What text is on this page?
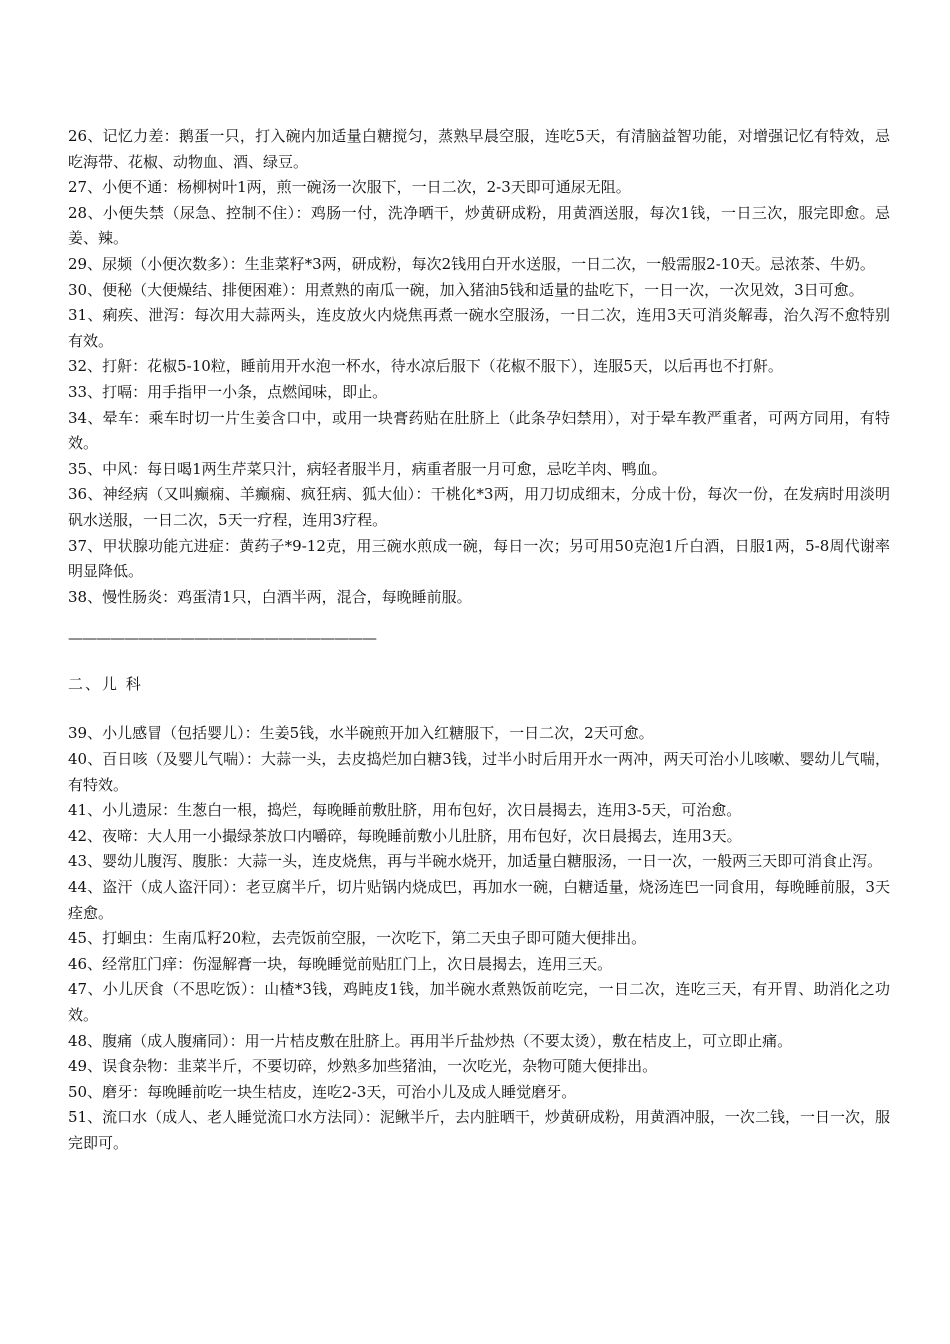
26、记忆力差：鹅蛋一只，打入碗内加适量白糖搅匀，蒸熟早晨空服，连吃5天，有清脑益智功能，对增强记忆有特效，忌吃海带、花椒、动物血、酒、绿豆。

27、小便不通：杨柳树叶1两，煎一碗汤一次服下，一日二次，2-3天即可通尿无阻。

28、小便失禁（尿急、控制不住）：鸡肠一付，洗净晒干，炒黄研成粉，用黄酒送服，每次1钱，一日三次，服完即愈。忌姜、辣。

29、尿频（小便次数多）：生韭菜籽*3两，研成粉，每次2钱用白开水送服，一日二次，一般需服2-10天。忌浓茶、牛奶。

30、便秘（大便燥结、排便困难）：用煮熟的南瓜一碗，加入猪油5钱和适量的盐吃下，一日一次，一次见效，3日可愈。

31、痢疾、泄泻：每次用大蒜两头，连皮放火内烧焦再煮一碗水空服汤，一日二次，连用3天可消炎解毒，治久泻不愈特别有效。

32、打鼾：花椒5-10粒，睡前用开水泡一杯水，待水凉后服下（花椒不服下），连服5天，以后再也不打鼾。

33、打嗝：用手指甲一小条，点燃闻味，即止。

34、晕车：乘车时切一片生姜含口中，或用一块膏药贴在肚脐上（此条孕妇禁用），对于晕车教严重者，可两方同用，有特效。

35、中风：每日喝1两生芹菜只汁，病轻者服半月，病重者服一月可愈，忌吃羊肉、鸭血。

36、神经病（又叫癫痫、羊癫痫、疯狂病、狐大仙）：干桃化*3两，用刀切成细末，分成十份，每次一份，在发病时用淡明矾水送服，一日二次，5天一疗程，连用3疗程。

37、甲状腺功能亢进症：黄药子*9-12克，用三碗水煎成一碗，每日一次；另可用50克泡1斤白酒，日服1两，5-8周代谢率明显降低。

38、慢性肠炎：鸡蛋清1只，白酒半两，混合，每晚睡前服。

——————————————————————

二、儿 科

39、小儿感冒（包括婴儿）：生姜5钱，水半碗煎开加入红糖服下，一日二次，2天可愈。

40、百日咳（及婴儿气喘）：大蒜一头，去皮捣烂加白糖3钱，过半小时后用开水一两冲，两天可治小儿咳嗽、婴幼儿气喘，有特效。

41、小儿遗尿：生葱白一根，捣烂，每晚睡前敷肚脐，用布包好，次日晨揭去，连用3-5天，可治愈。

42、夜啼：大人用一小撮绿茶放口内嚼碎，每晚睡前敷小儿肚脐，用布包好，次日晨揭去，连用3天。

43、婴幼儿腹泻、腹胀：大蒜一头，连皮烧焦，再与半碗水烧开，加适量白糖服汤，一日一次，一般两三天即可消食止泻。

44、盗汗（成人盗汗同）：老豆腐半斤，切片贴锅内烧成巴，再加水一碗，白糖适量，烧汤连巴一同食用，每晚睡前服，3天痊愈。

45、打蛔虫：生南瓜籽20粒，去壳饭前空服，一次吃下，第二天虫子即可随大便排出。

46、经常肛门痒：伤湿解膏一块，每晚睡觉前贴肛门上，次日晨揭去，连用三天。

47、小儿厌食（不思吃饭）：山楂*3钱，鸡盹皮1钱，加半碗水煮熟饭前吃完，一日二次，连吃三天，有开胃、助消化之功效。

48、腹痛（成人腹痛同）：用一片桔皮敷在肚脐上。再用半斤盐炒热（不要太烫），敷在桔皮上，可立即止痛。

49、误食杂物：韭菜半斤，不要切碎，炒熟多加些猪油，一次吃光，杂物可随大便排出。

50、磨牙：每晚睡前吃一块生桔皮，连吃2-3天，可治小儿及成人睡觉磨牙。

51、流口水（成人、老人睡觉流口水方法同）：泥鳅半斤，去内脏晒干，炒黄研成粉，用黄酒冲服，一次二钱，一日一次，服完即可。
